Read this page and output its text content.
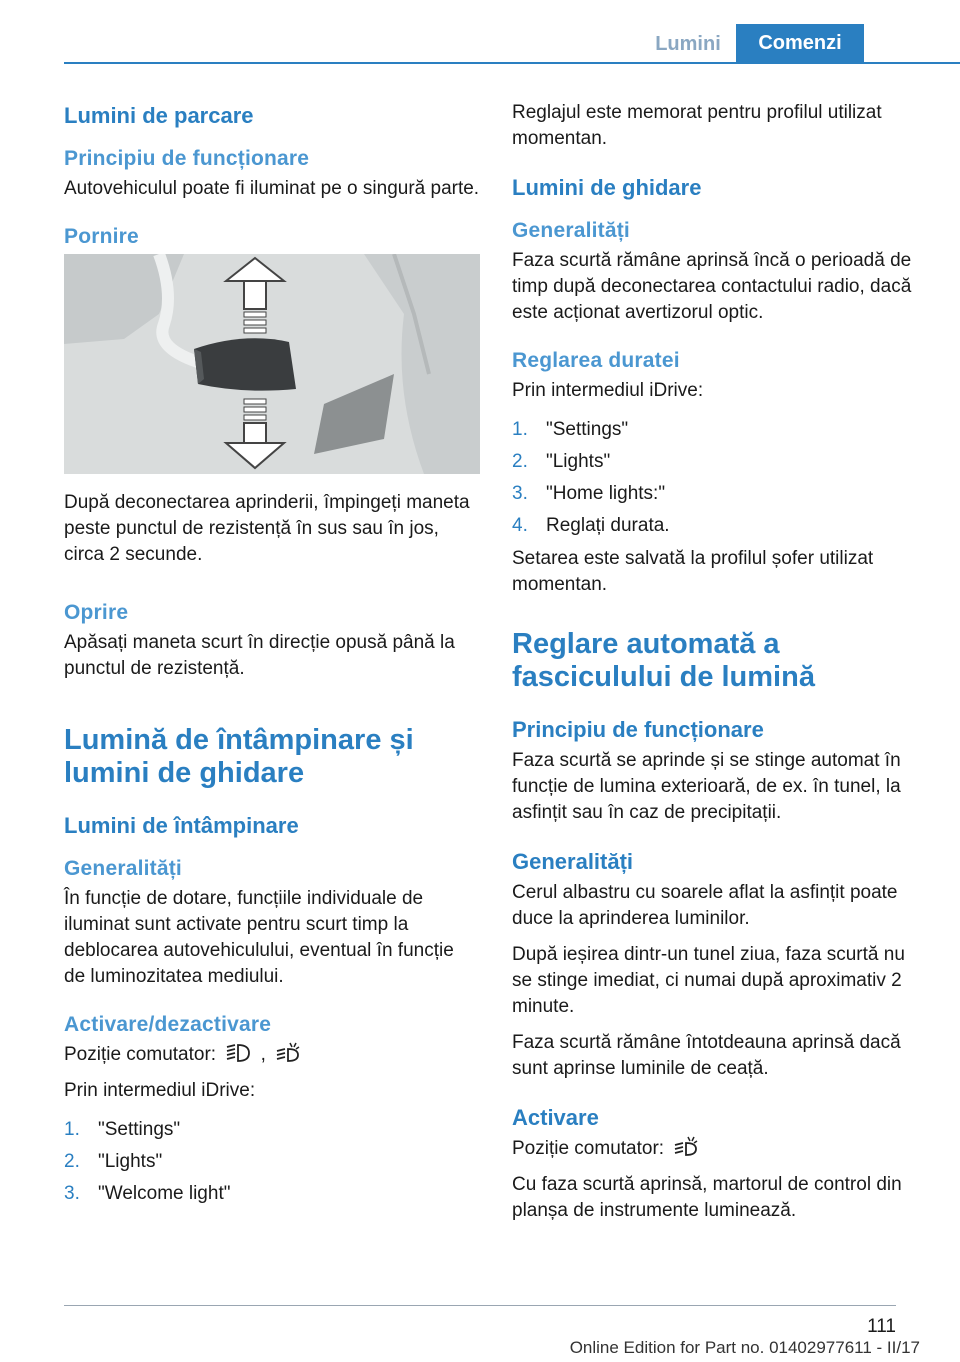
Lumini	Comenzi
Lumini de parcare
Principiu de funcționare

Autovehiculul poate fi iluminat pe o singură parte.

Pornire

După deconectarea aprinderii, împingeți maneta peste punctul de rezistență în sus sau în jos, circa 2 secunde.

Oprire

Apăsați maneta scurt în direcție opusă până la punctul de rezistență.

Lumină de întâmpinare și lumini de ghidare
Lumini de întâmpinare
Generalități

În funcție de dotare, funcțiile individuale de iluminat sunt activate pentru scurt timp la deblocarea autovehiculului, eventual în funcție de luminozitatea mediului.

Activare/dezactivare

Poziție comutator: ,

Prin intermediul iDrive:

1. "Settings"
2. "Lights"
3. "Welcome light"

Reglajul este memorat pentru profilul utilizat momentan.

Lumini de ghidare
Generalități

Faza scurtă rămâne aprinsă încă o perioadă de timp după deconectarea contactului radio, dacă este acționat avertizorul optic.

Reglarea duratei

Prin intermediul iDrive:

1. "Settings"
2. "Lights"
3. "Home lights:"
4. Reglați durata.

Setarea este salvată la profilul șofer utilizat momentan.

Reglare automată a fasciculului de lumină
Principiu de funcționare

Faza scurtă se aprinde și se stinge automat în funcție de lumina exterioară, de ex. în tunel, la asfințit sau în caz de precipitații.

Generalități

Cerul albastru cu soarele aflat la asfințit poate duce la aprinderea luminilor.

După ieșirea dintr-un tunel ziua, faza scurtă nu se stinge imediat, ci numai după aproximativ 2 minute.

Faza scurtă rămâne întotdeauna aprinsă dacă sunt aprinse luminile de ceață.

Activare

Poziție comutator:

Cu faza scurtă aprinsă, martorul de control din planșa de instrumente luminează.

111
Online Edition for Part no. 01402977611 - II/17
